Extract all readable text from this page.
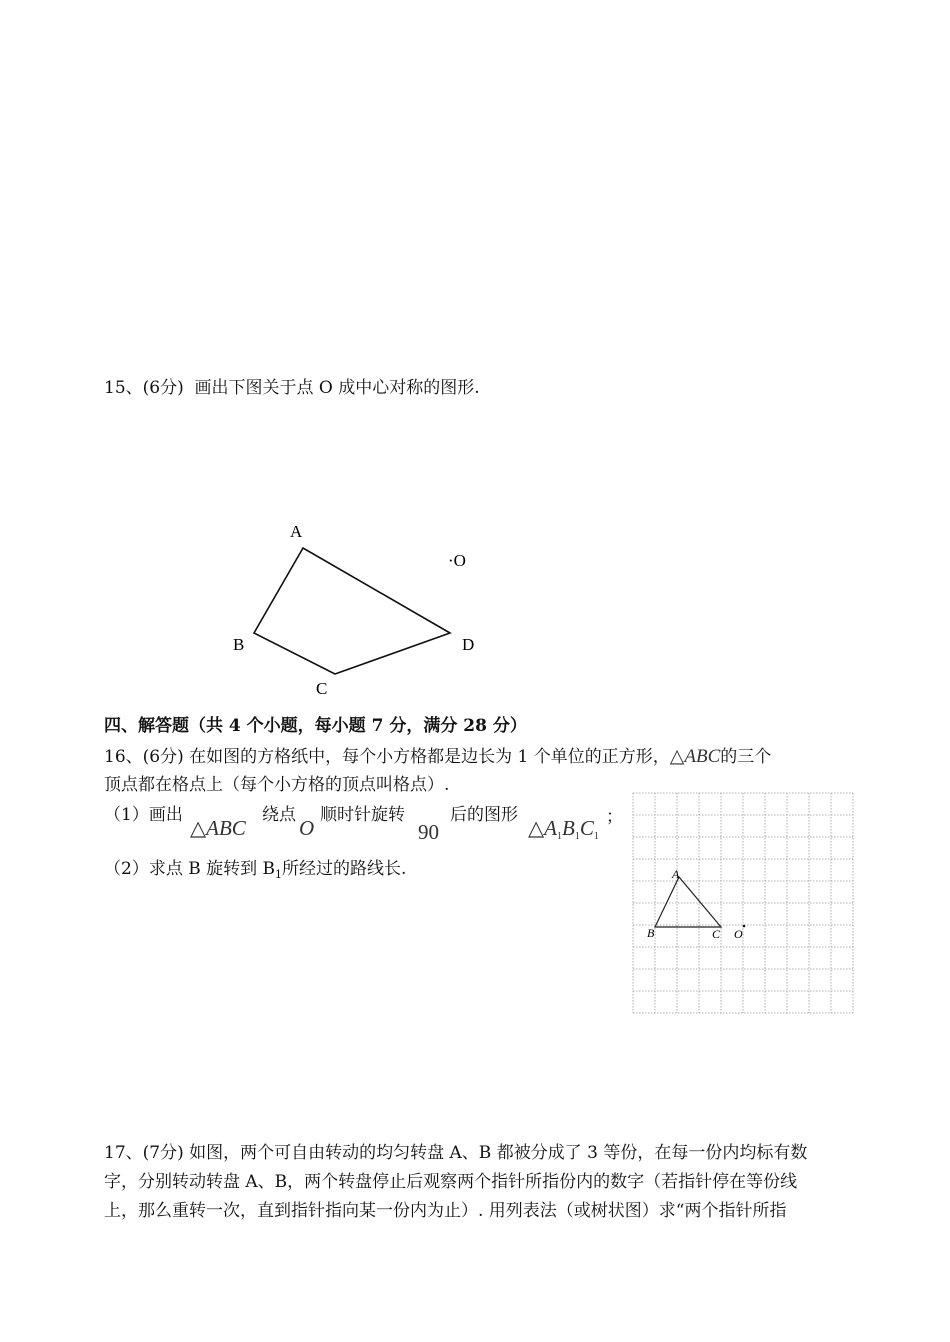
15、(6分) 画出下图关于点 O 成中心对称的图形.
A
B
C
D
·O
四、解答题（共 4 个小题，每小题 7 分，满分 28 分）
16、(6分) 在如图的方格纸中，每个小方格都是边长为 1 个单位的正方形，△ABC的三个
顶点都在格点上（每个小方格的顶点叫格点）.
（1）画出
△ABC
绕点
O
顺时针旋转
90
后的图形
$\triangle A_1B_1C_1$
；
（2）求点 B 旋转到 $B_1$所经过的路线长.	A
B	C O
17、(7分) 如图，两个可自由转动的均匀转盘 A、B 都被分成了 3 等份，在每一份内均标有数
字，分别转动转盘 A、B，两个转盘停止后观察两个指针所指份内的数字（若指针停在等份线
上，那么重转一次，直到指针指向某一份内为止）. 用列表法（或树状图）求“两个指针所指
